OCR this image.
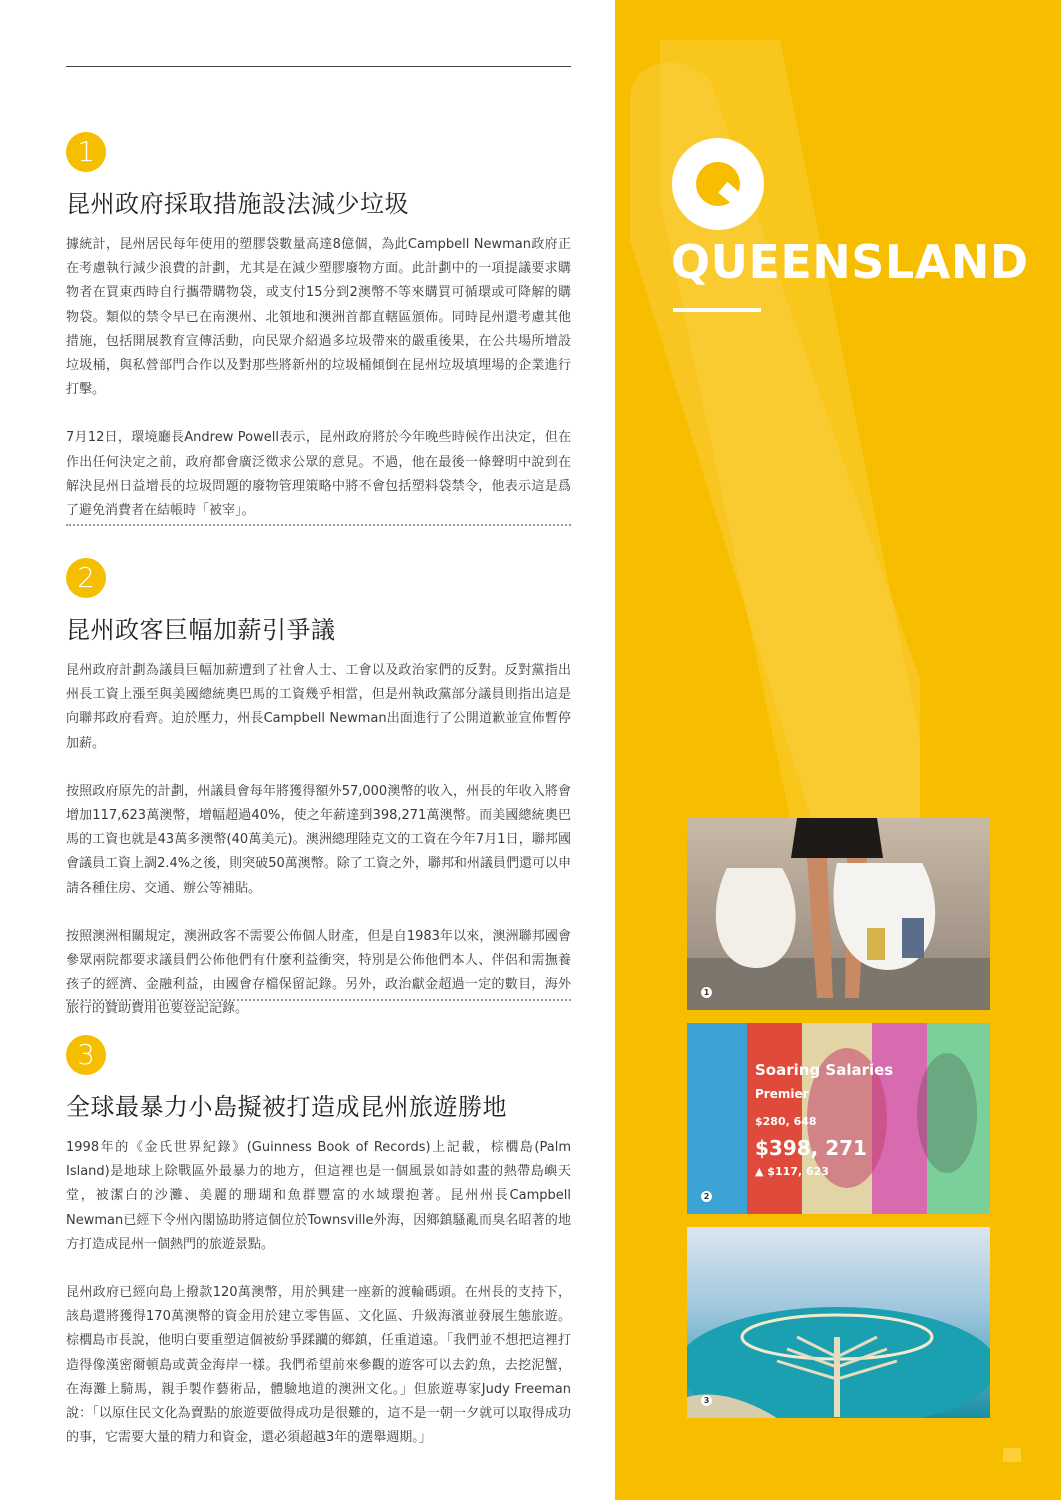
1
昆州政府採取措施設法減少垃圾

據統計，昆州居民每年使用的塑膠袋數量高達8億個，為此Campbell Newman政府正在考慮執行減少浪費的計劃，尤其是在減少塑膠廢物方面。此計劃中的一項提議要求購物者在買東西時自行攜帶購物袋，或支付15分到2澳幣不等來購買可循環或可降解的購物袋。類似的禁令早已在南澳州、北領地和澳洲首都直轄區頒佈。同時昆州還考慮其他措施，包括開展教育宣傳活動，向民眾介紹過多垃圾帶來的嚴重後果，在公共場所增設垃圾桶，與私營部門合作以及對那些將新州的垃圾桶傾倒在昆州垃圾填埋場的企業進行打擊。

7月12日，環境廳長Andrew Powell表示，昆州政府將於今年晚些時候作出決定，但在作出任何決定之前，政府都會廣泛徵求公眾的意見。不過，他在最後一條聲明中說到在解決昆州日益增長的垃圾問題的廢物管理策略中將不會包括塑料袋禁令，他表示這是爲了避免消費者在結帳時「被宰」。

2
昆州政客巨幅加薪引爭議

昆州政府計劃為議員巨幅加薪遭到了社會人士、工會以及政治家們的反對。反對黨指出州長工資上漲至與美國總統奧巴馬的工資幾乎相當，但是州執政黨部分議員則指出這是向聯邦政府看齊。迫於壓力，州長Campbell Newman出面進行了公開道歉並宣佈暫停加薪。

按照政府原先的計劃，州議員會每年將獲得額外57,000澳幣的收入，州長的年收入將會增加117,623萬澳幣，增幅超過40%，使之年薪達到398,271萬澳幣。而美國總統奧巴馬的工資也就是43萬多澳幣(40萬美元)。澳洲總理陸克文的工資在今年7月1日，聯邦國會議員工資上調2.4%之後，則突破50萬澳幣。除了工資之外，聯邦和州議員們還可以申請各種住房、交通、辦公等補貼。

按照澳洲相關規定，澳洲政客不需要公佈個人財產，但是自1983年以來，澳洲聯邦國會參眾兩院都要求議員們公佈他們有什麼利益衝突，特別是公佈他們本人、伴侶和需撫養孩子的經濟、金融利益，由國會存檔保留記錄。另外，政治獻金超過一定的數目，海外旅行的贊助費用也要登記記錄。

3
全球最暴力小島擬被打造成昆州旅遊勝地

1998年的《金氏世界紀錄》(Guinness Book of Records)上記載，棕櫚島(Palm Island)是地球上除戰區外最暴力的地方，但這裡也是一個風景如詩如畫的熱帶島嶼天堂，被潔白的沙灘、美麗的珊瑚和魚群豐富的水域環抱著。昆州州長Campbell Newman已經下令州內閣協助將這個位於Townsville外海，因鄉鎮騷亂而臭名昭著的地方打造成昆州一個熱門的旅遊景點。

昆州政府已經向島上撥款120萬澳幣，用於興建一座新的渡輪碼頭。在州長的支持下，該島還將獲得170萬澳幣的資金用於建立零售區、文化區、升級海濱並發展生態旅遊。棕櫚島市長說，他明白要重塑這個被紛爭蹂躪的鄉鎮，任重道遠。「我們並不想把這裡打造得像漢密爾頓島或黃金海岸一樣。我們希望前來參觀的遊客可以去釣魚，去挖泥蟹，在海灘上騎馬，親手製作藝術品，體驗地道的澳洲文化。」但旅遊專家Judy Freeman說：「以原住民文化為賣點的旅遊要做得成功是很難的，這不是一朝一夕就可以取得成功的事，它需要大量的精力和資金，還必須超越3年的選舉週期。」

QUEENSLAND
1
Soaring Salaries
Premier
$280, 648
$398, 271
▲ $117, 623
2
3
